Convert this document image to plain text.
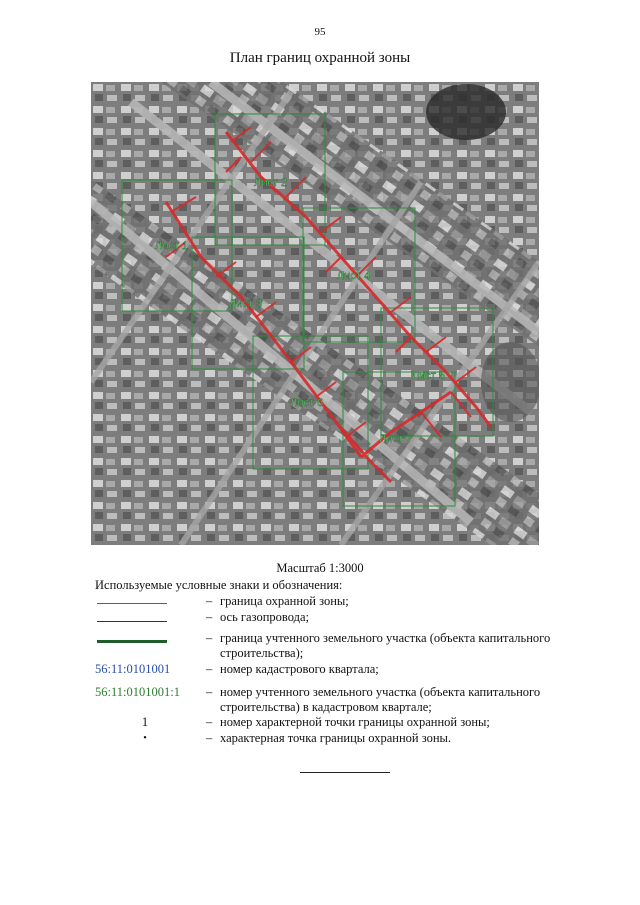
95
План границ охранной зоны
Лист 1
Лист 2
Лист 3
Лист 4
Лист 5
Лист 6
Лист 7
Масштаб 1:3000
Используемые условные знаки и обозначения:
– граница охранной зоны;
– ось газопровода;
– граница учтенного земельного участка (объекта капитального строительства);
56:11:0101001	– номер кадастрового квартала;
56:11:0101001:1	– номер учтенного земельного участка (объекта капитального строительства) в кадастровом квартале;
1	– номер характерной точки границы охранной зоны;
•	– характерная точка границы охранной зоны.
